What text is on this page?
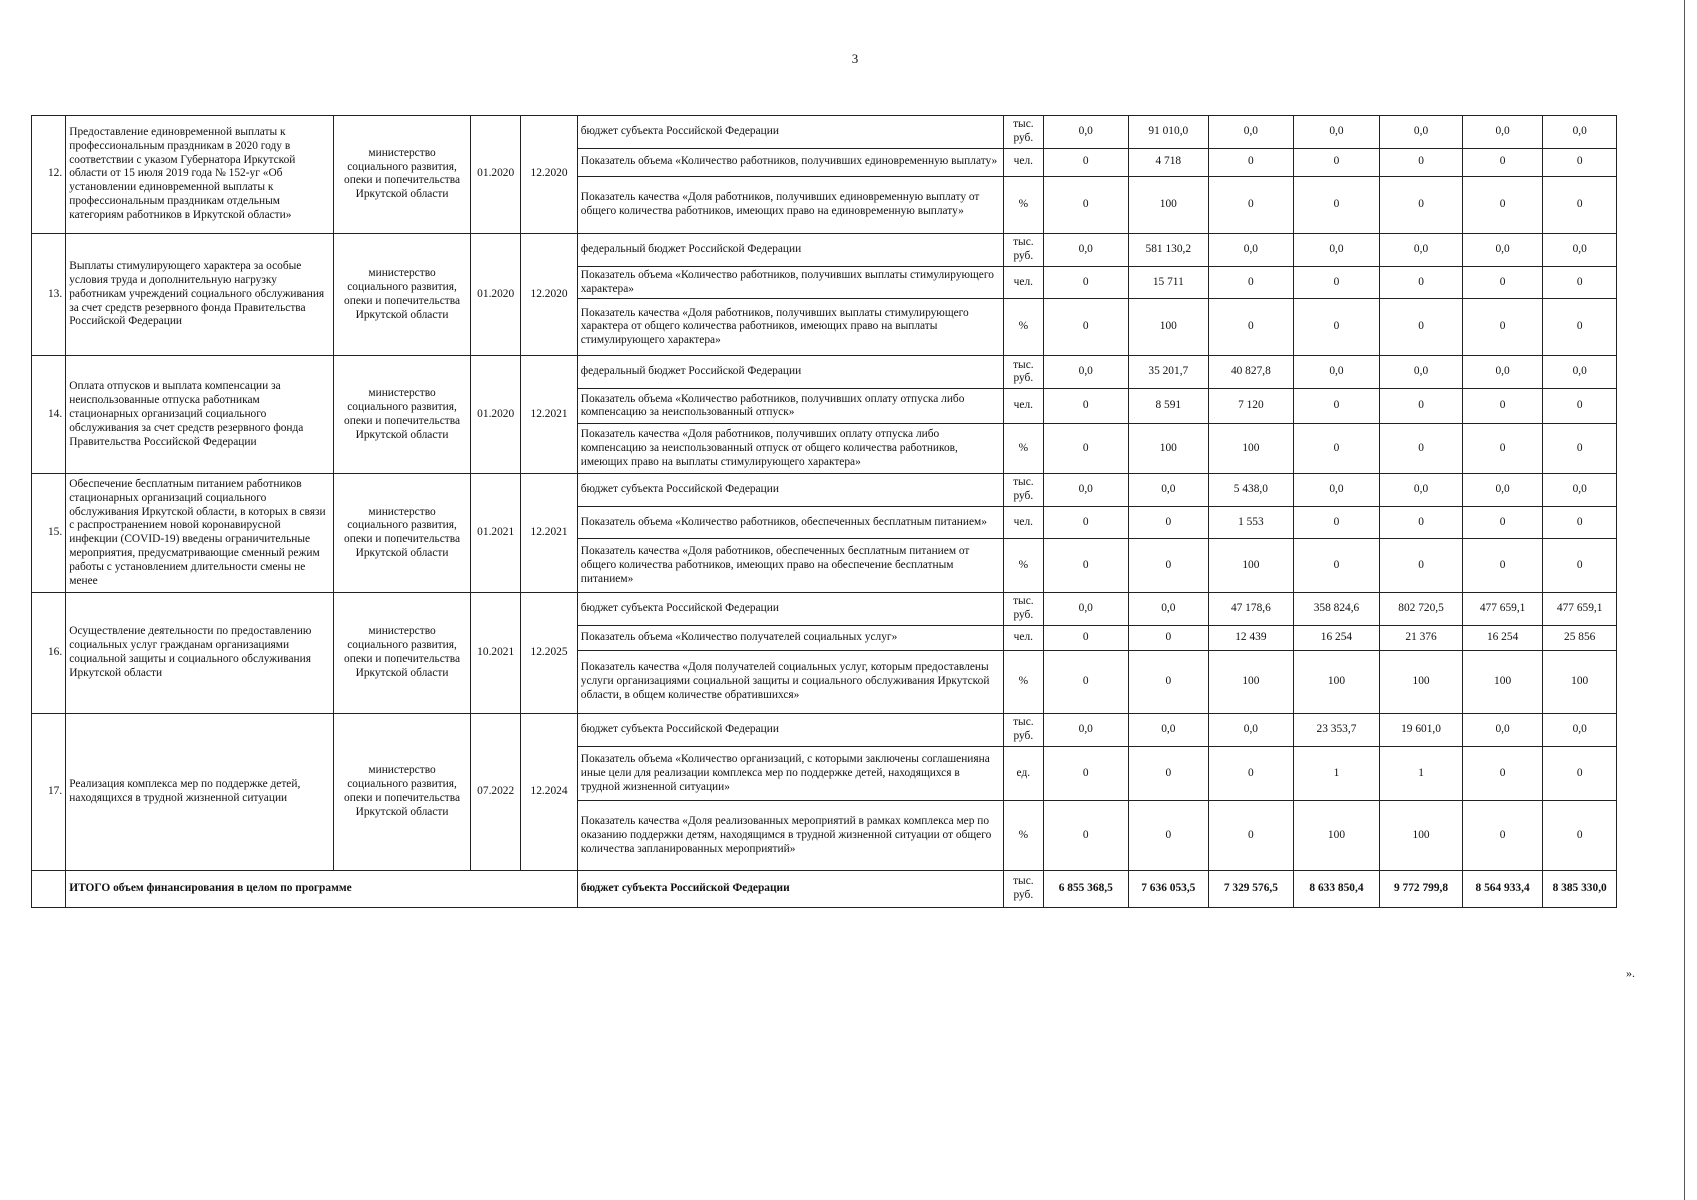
3
12.	Предоставление единовременной выплаты к профессиональным праздникам в 2020 году в соответствии с указом Губернатора Иркутской области от 15 июля 2019 года № 152-уг «Об установлении единовременной выплаты к профессиональным праздникам отдельным категориям работников в Иркутской области»	министерство социального развития, опеки и попечительства Иркутской области	01.2020	12.2020	бюджет субъекта Российской Федерации	тыс. руб.	0,0	91 010,0	0,0	0,0	0,0	0,0	0,0
					Показатель объема «Количество работников, получивших единовременную выплату»	чел.	0	4 718	0	0	0	0	0
					Показатель качества «Доля работников, получивших единовременную выплату от общего количества работников, имеющих право на единовременную выплату»	%	0	100	0	0	0	0	0
13.	Выплаты стимулирующего характера за особые условия труда и дополнительную нагрузку работникам учреждений социального обслуживания за счет средств резервного фонда Правительства Российской Федерации	министерство социального развития, опеки и попечительства Иркутской области	01.2020	12.2020	федеральный бюджет Российской Федерации	тыс. руб.	0,0	581 130,2	0,0	0,0	0,0	0,0	0,0
					Показатель объема «Количество работников, получивших выплаты стимулирующего характера»	чел.	0	15 711	0	0	0	0	0
					Показатель качества «Доля работников, получивших выплаты стимулирующего характера от общего количества работников, имеющих право на выплаты стимулирующего характера»	%	0	100	0	0	0	0	0
14.	Оплата отпусков и выплата компенсации за неиспользованные отпуска работникам стационарных организаций социального обслуживания за счет средств резервного фонда Правительства Российской Федерации	министерство социального развития, опеки и попечительства Иркутской области	01.2020	12.2021	федеральный бюджет Российской Федерации	тыс. руб.	0,0	35 201,7	40 827,8	0,0	0,0	0,0	0,0
					Показатель объема «Количество работников, получивших оплату отпуска либо компенсацию за неиспользованный отпуск»	чел.	0	8 591	7 120	0	0	0	0
					Показатель качества «Доля работников, получивших оплату отпуска либо компенсацию за неиспользованный отпуск от общего количества работников, имеющих право на выплаты стимулирующего характера»	%	0	100	100	0	0	0	0
15.	Обеспечение бесплатным питанием работников стационарных организаций социального обслуживания Иркутской области, в которых в связи с распространением новой коронавирусной инфекции (COVID-19) введены ограничительные мероприятия, предусматривающие сменный режим работы с установлением длительности смены не менее	министерство социального развития, опеки и попечительства Иркутской области	01.2021	12.2021	бюджет субъекта Российской Федерации	тыс. руб.	0,0	0,0	5 438,0	0,0	0,0	0,0	0,0
					Показатель объема «Количество работников, обеспеченных бесплатным питанием»	чел.	0	0	1 553	0	0	0	0
					Показатель качества «Доля работников, обеспеченных бесплатным питанием от общего количества работников, имеющих право на обеспечение бесплатным питанием»	%	0	0	100	0	0	0	0
16.	Осуществление деятельности по предоставлению социальных услуг гражданам организациями социальной защиты и социального обслуживания Иркутской области	министерство социального развития, опеки и попечительства Иркутской области	10.2021	12.2025	бюджет субъекта Российской Федерации	тыс. руб.	0,0	0,0	47 178,6	358 824,6	802 720,5	477 659,1	477 659,1
					Показатель объема «Количество получателей социальных услуг»	чел.	0	0	12 439	16 254	21 376	16 254	25 856
					Показатель качества «Доля получателей социальных услуг, которым предоставлены услуги организациями социальной защиты и социального обслуживания Иркутской области, в общем количестве обратившихся»	%	0	0	100	100	100	100	100
17.	Реализация комплекса мер по поддержке детей, находящихся в трудной жизненной ситуации	министерство социального развития, опеки и попечительства Иркутской области	07.2022	12.2024	бюджет субъекта Российской Федерации	тыс. руб.	0,0	0,0	0,0	23 353,7	19 601,0	0,0	0,0
					Показатель объема «Количество организаций, с которыми заключены соглашенияна иные цели для реализации комплекса мер по поддержке детей, находящихся в трудной жизненной ситуации»	ед.	0	0	0	1	1	0	0
					Показатель качества «Доля реализованных мероприятий в рамках комплекса мер по оказанию поддержки детям, находящимся в трудной жизненной ситуации от общего количества запланированных мероприятий»	%	0	0	0	100	100	0	0
	ИТОГО объем финансирования в целом по программе				бюджет субъекта Российской Федерации	тыс. руб.	6 855 368,5	7 636 053,5	7 329 576,5	8 633 850,4	9 772 799,8	8 564 933,4	8 385 330,0
».
